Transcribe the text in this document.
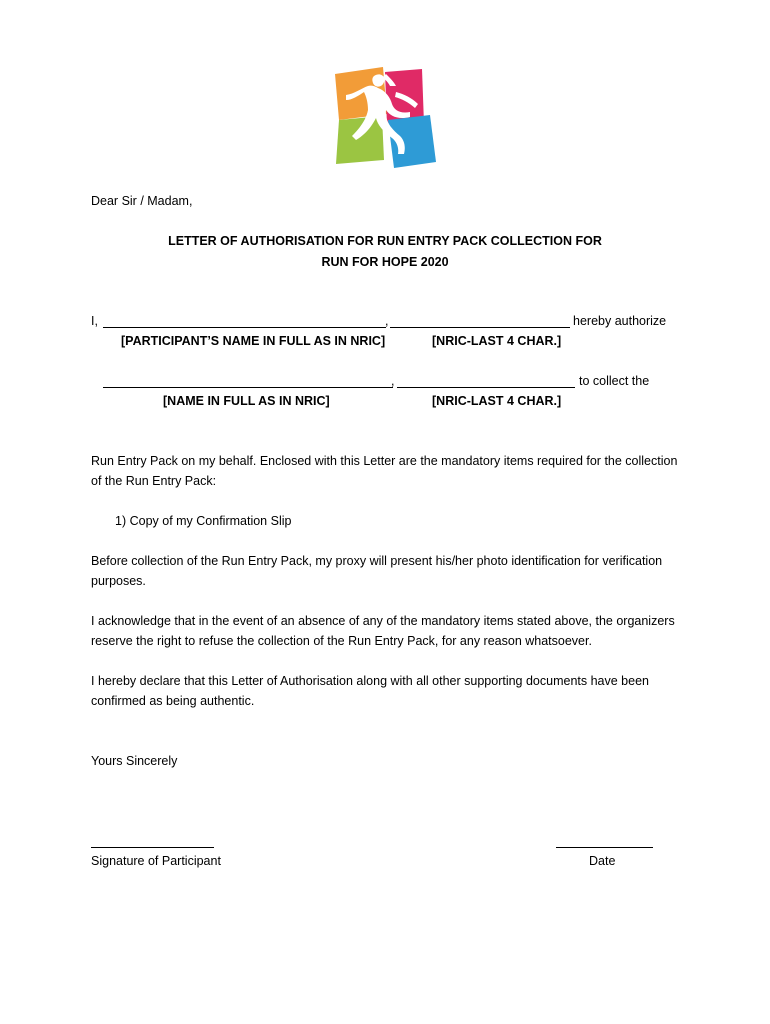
Dear Sir / Madam,
LETTER OF AUTHORISATION FOR RUN ENTRY PACK COLLECTION FOR
RUN FOR HOPE 2020
I,	,	hereby authorize
[PARTICIPANT’S NAME IN FULL AS IN NRIC]	[NRIC-LAST 4 CHAR.]
,	to collect the
[NAME IN FULL AS IN NRIC]	[NRIC-LAST 4 CHAR.]
Run Entry Pack on my behalf. Enclosed with this Letter are the mandatory items required for the collection of the Run Entry Pack:
1) Copy of my Confirmation Slip
Before collection of the Run Entry Pack, my proxy will present his/her photo identification for verification purposes.
I acknowledge that in the event of an absence of any of the mandatory items stated above, the organizers reserve the right to refuse the collection of the Run Entry Pack, for any reason whatsoever.
I hereby declare that this Letter of Authorisation along with all other supporting documents have been confirmed as being authentic.
Yours Sincerely
Signature of Participant	Date
